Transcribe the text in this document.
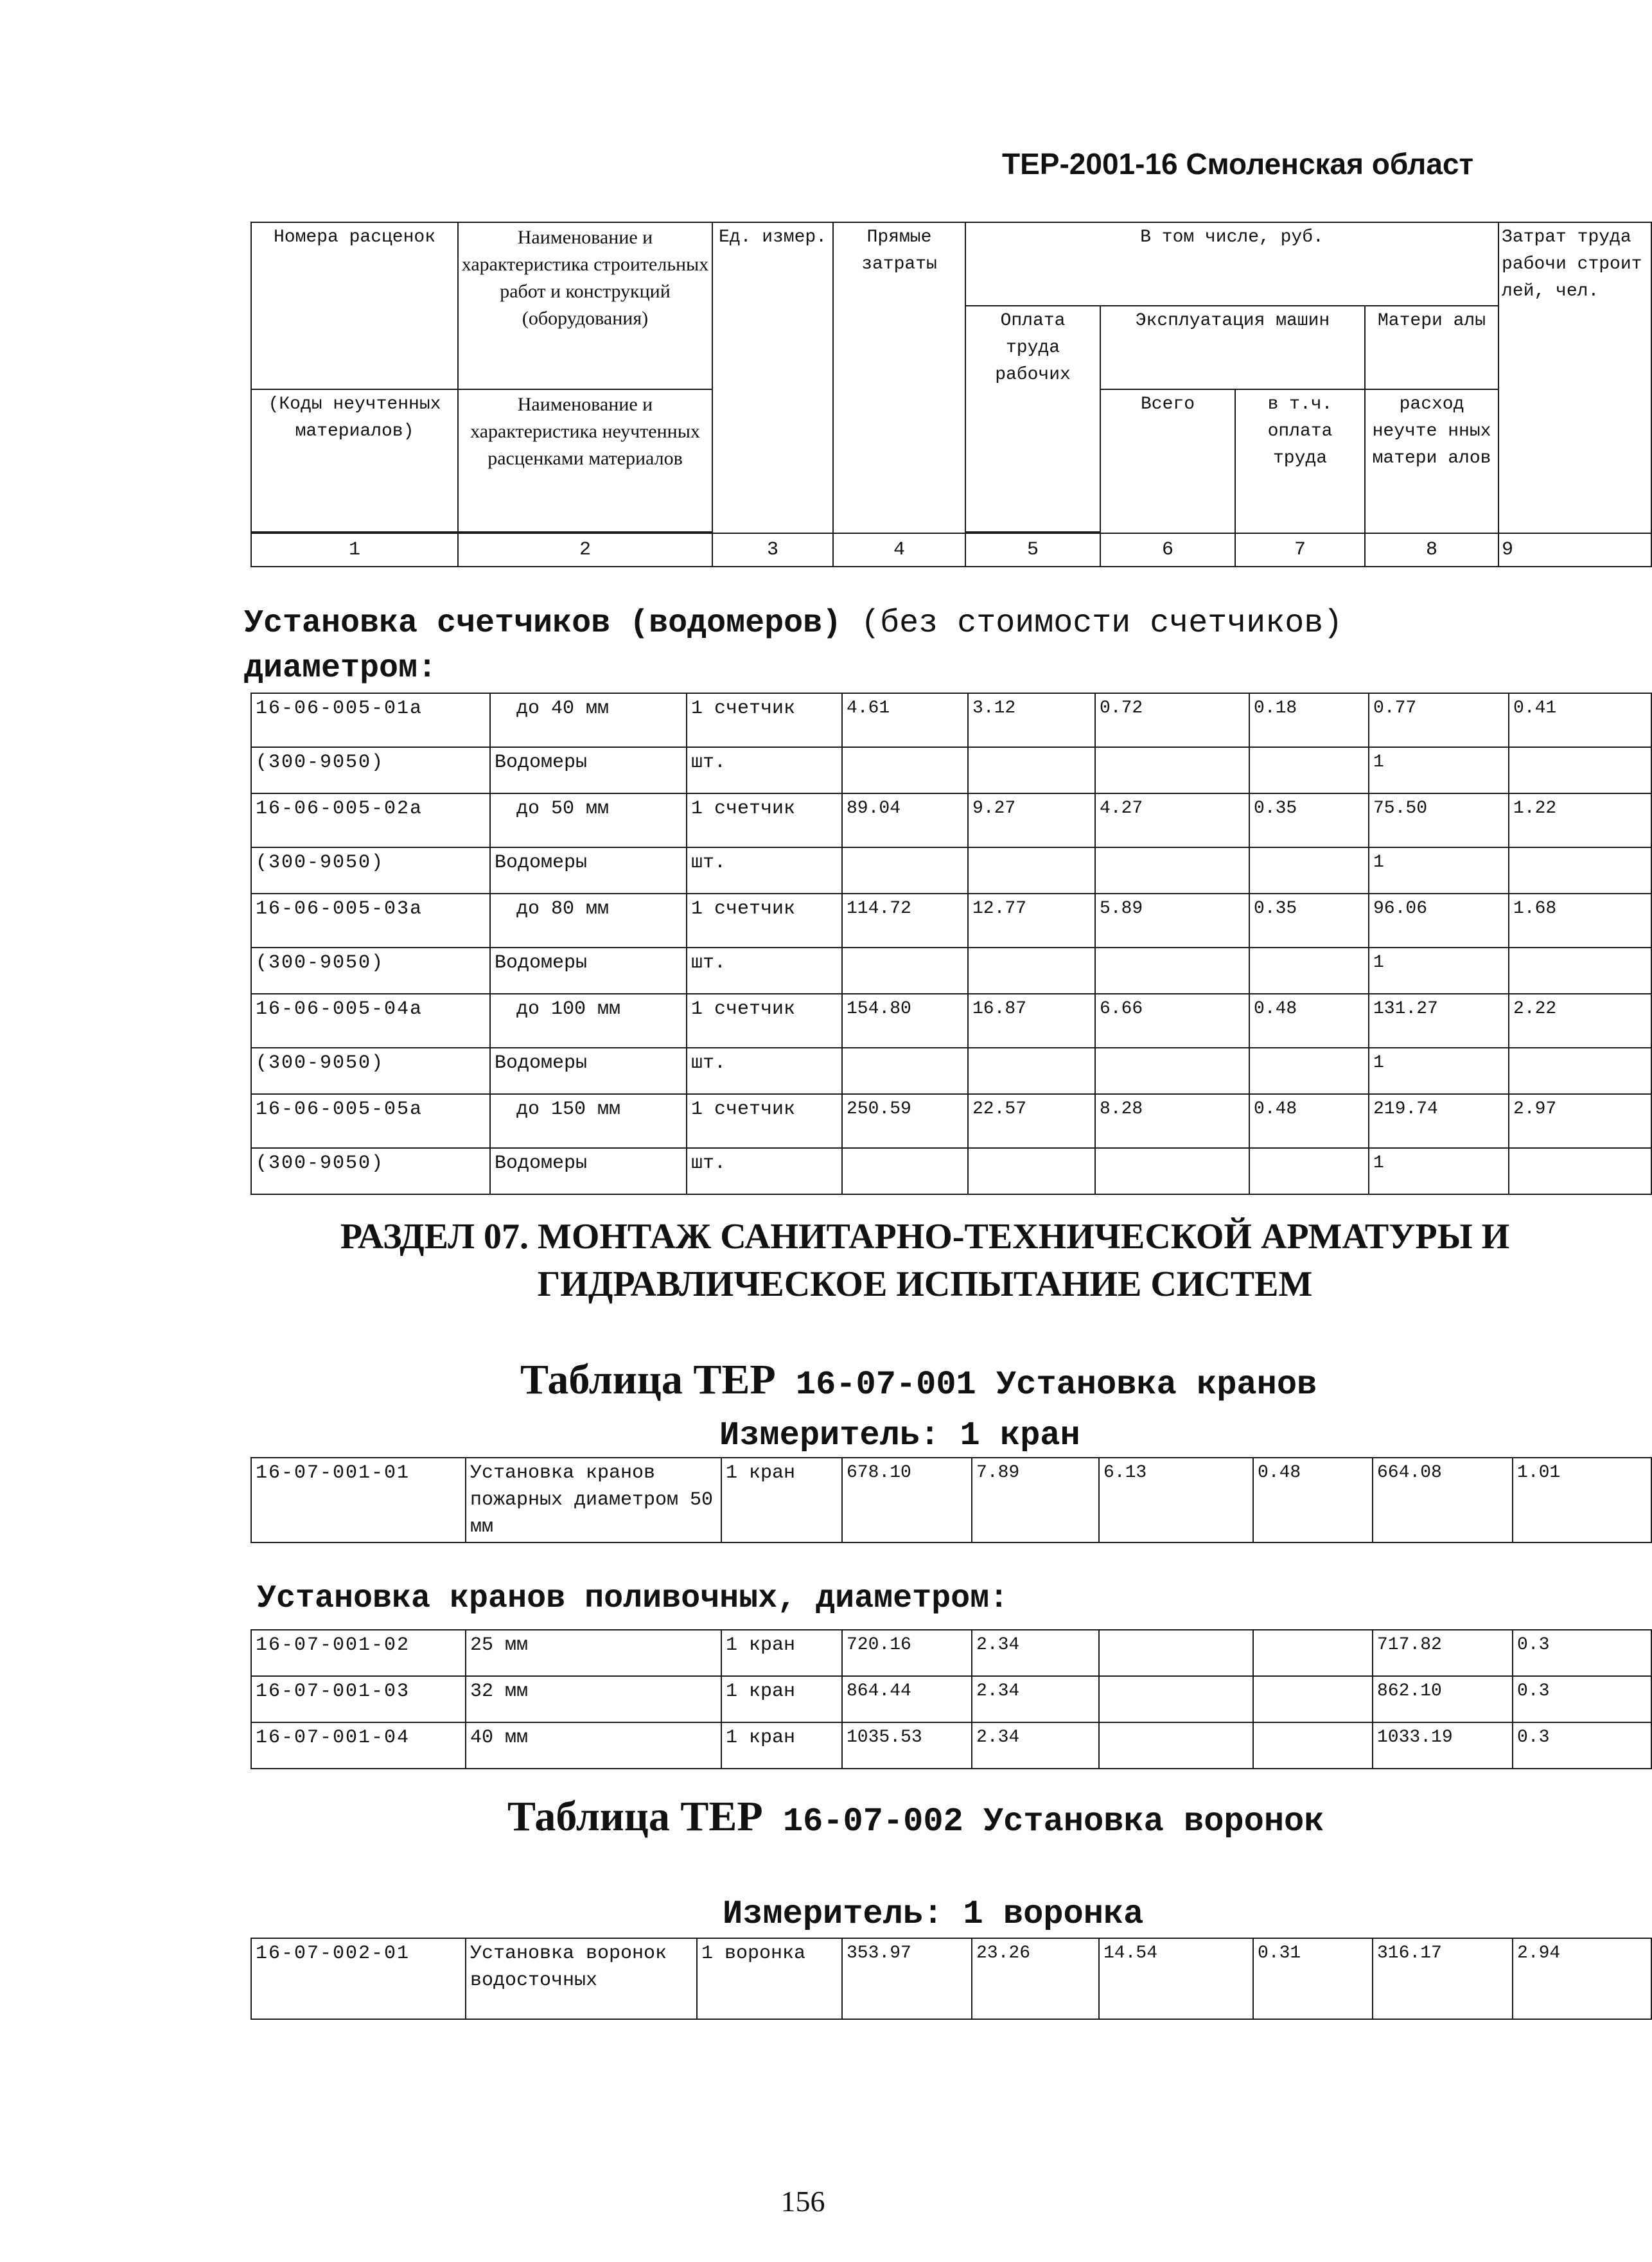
ТЕР-2001-16 Смоленская област
Номера расценок	Наименование и характеристика строительных работ и конструкций (оборудования)	Ед. измер.	Прямые затраты	В том числе, руб.				Затрат труда рабочи строит лей, чел.
				Оплата труда рабочих	Эксплуатация машин		Матери алы	
(Коды неучтенных материалов)	Наименование и характеристика неучтенных расценками материалов				Всего	в т.ч. оплата труда	расход неучте нных матери алов	

1	2	3	4	5	6	7	8	9
Установка счетчиков (водомеров) (без стоимости счетчиков)
диаметром:
16-06-005-01а	до 40 мм	1 счетчик	4.61	3.12	0.72	0.18	0.77	0.41
(300-9050)	Водомеры	шт.					1	
16-06-005-02а	до 50 мм	1 счетчик	89.04	9.27	4.27	0.35	75.50	1.22
(300-9050)	Водомеры	шт.					1	
16-06-005-03а	до 80 мм	1 счетчик	114.72	12.77	5.89	0.35	96.06	1.68
(300-9050)	Водомеры	шт.					1	
16-06-005-04а	до 100 мм	1 счетчик	154.80	16.87	6.66	0.48	131.27	2.22
(300-9050)	Водомеры	шт.					1	
16-06-005-05а	до 150 мм	1 счетчик	250.59	22.57	8.28	0.48	219.74	2.97
(300-9050)	Водомеры	шт.					1	
РАЗДЕЛ 07. МОНТАЖ САНИТАРНО-ТЕХНИЧЕСКОЙ АРМАТУРЫ И
ГИДРАВЛИЧЕСКОЕ ИСПЫТАНИЕ СИСТЕМ
Таблица ТЕР 16-07-001 Установка кранов
Измеритель: 1 кран
16-07-001-01	Установка кранов пожарных диаметром 50 мм	1 кран	678.10	7.89	6.13	0.48	664.08	1.01
Установка кранов поливочных, диаметром:
16-07-001-02	25 мм	1 кран	720.16	2.34			717.82	0.3
16-07-001-03	32 мм	1 кран	864.44	2.34			862.10	0.3
16-07-001-04	40 мм	1 кран	1035.53	2.34			1033.19	0.3
Таблица ТЕР 16-07-002 Установка воронок
Измеритель: 1 воронка
16-07-002-01	Установка воронок водосточных	1 воронка	353.97	23.26	14.54	0.31	316.17	2.94
156
